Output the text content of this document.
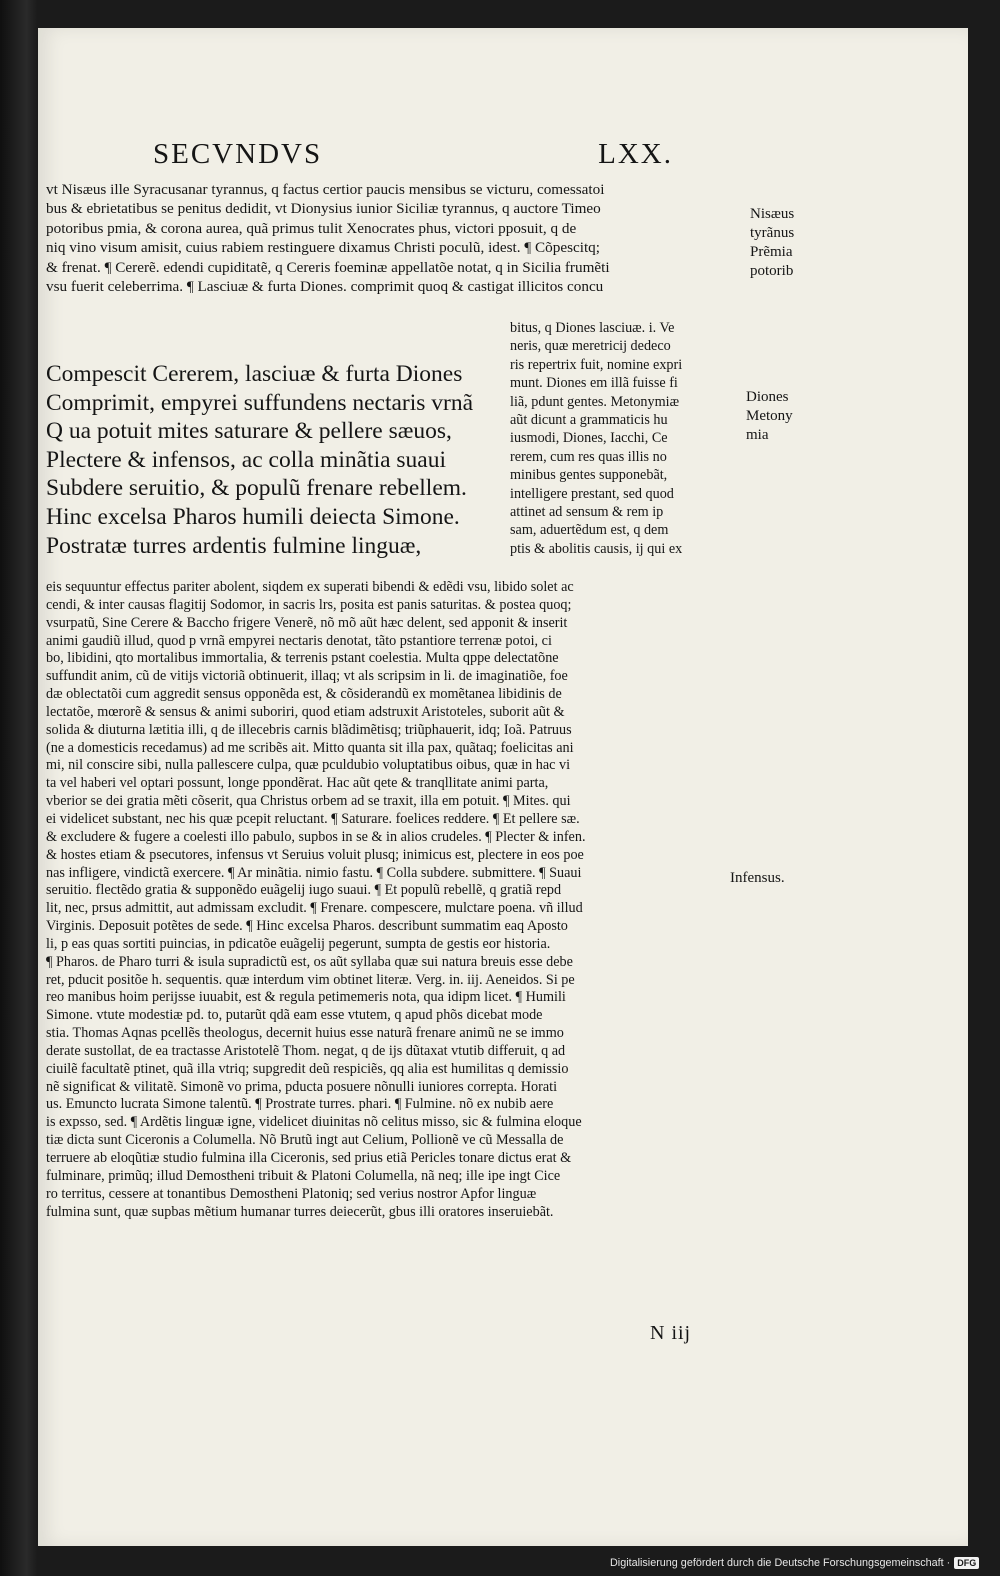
SECVNDVS	LXX.

vt Nisæus ille Syracusanar tyrannus, q factus certior paucis mensibus se victuru, comessatoi

bus & ebrietatibus se penitus dedidit, vt Dionysius iunior Siciliæ tyrannus, q auctore Timeo

potoribus pmia, & corona aurea, quã primus tulit Xenocrates phus, victori pposuit, q de

niq vino visum amisit, cuius rabiem restinguere dixamus Christi poculũ, idest. ¶ Cõpescitq;

& frenat. ¶ Cererẽ. edendi cupiditatẽ, q Cereris foeminæ appellatõe notat, q in Sicilia frumẽti

vsu fuerit celeberrima. ¶ Lasciuæ & furta Diones. comprimit quoq & castigat illicitos concu

Compescit Cererem, lasciuæ & furta Diones

Comprimit, empyrei suffundens nectaris vrnã

Q ua potuit mites saturare & pellere sæuos,

Plectere & infensos, ac colla minãtia suaui

Subdere seruitio, & populũ frenare rebellem.

Hinc excelsa Pharos humili deiecta Simone.

Postratæ turres ardentis fulmine linguæ,

bitus, q Diones lasciuæ. i. Ve

neris, quæ meretricij dedeco

ris repertrix fuit, nomine expri

munt. Diones em illã fuisse fi

liã, pdunt gentes. Metonymiæ

aũt dicunt a grammaticis hu

iusmodi, Diones, Iacchi, Ce

rerem, cum res quas illis no

minibus gentes supponebãt,

intelligere prestant, sed quod

attinet ad sensum & rem ip

sam, aduertẽdum est, q dem

ptis & abolitis causis, ij qui ex

eis sequuntur effectus pariter abolent, siqdem ex superati bibendi & edẽdi vsu, libido solet ac

cendi, & inter causas flagitij Sodomor, in sacris lrs, posita est panis saturitas. & postea quoq;

vsurpatũ, Sine Cerere & Baccho frigere Venerẽ, nõ mõ aũt hæc delent, sed apponit & inserit

animi gaudiũ illud, quod p vrnã empyrei nectaris denotat, tãto pstantiore terrenæ potoi, ci

bo, libidini, qto mortalibus immortalia, & terrenis pstant coelestia. Multa qppe delectatõne

suffundit anim, cũ de vitijs victoriã obtinuerit, illaq; vt als scripsim in li. de imaginatiõe, foe

dæ oblectatõi cum aggredit sensus opponẽda est, & cõsiderandũ ex momẽtanea libidinis de

lectatõe, mœrorẽ & sensus & animi suboriri, quod etiam adstruxit Aristoteles, suborit aũt &

solida & diuturna lætitia illi, q de illecebris carnis blãdimẽtisq; triũphauerit, idq; Ioã. Patruus

(ne a domesticis recedamus) ad me scribẽs ait. Mitto quanta sit illa pax, quãtaq; foelicitas ani

mi, nil conscire sibi, nulla pallescere culpa, quæ pculdubio voluptatibus oibus, quæ in hac vi

ta vel haberi vel optari possunt, longe ppondẽrat. Hac aũt qete & tranqllitate animi parta,

vberior se dei gratia mẽti cõserit, qua Christus orbem ad se traxit, illa em potuit. ¶ Mites. qui

ei videlicet substant, nec his quæ pcepit reluctant. ¶ Saturare. foelices reddere. ¶ Et pellere sæ.

& excludere & fugere a coelesti illo pabulo, supbos in se & in alios crudeles. ¶ Plecter & infen.

& hostes etiam & psecutores, infensus vt Seruius voluit plusq; inimicus est, plectere in eos poe

nas infligere, vindictã exercere. ¶ Ar minãtia. nimio fastu. ¶ Colla subdere. submittere. ¶ Suaui

seruitio. flectẽdo gratia & supponẽdo euãgelij iugo suaui. ¶ Et populũ rebellẽ, q gratiã repd

lit, nec, prsus admittit, aut admissam excludit. ¶ Frenare. compescere, mulctare poena. vñ illud

Virginis. Deposuit potẽtes de sede. ¶ Hinc excelsa Pharos. describunt summatim eaq Aposto

li, p eas quas sortiti puincias, in pdicatõe euãgelij pegerunt, sumpta de gestis eor historia.

¶ Pharos. de Pharo turri & isula supradictũ est, os aũt syllaba quæ sui natura breuis esse debe

ret, pducit positõe h. sequentis. quæ interdum vim obtinet literæ. Verg. in. iij. Aeneidos. Si pe

reo manibus hoim perijsse iuuabit, est & regula petimemeris nota, qua idipm licet. ¶ Humili

Simone. vtute modestiæ pd. to, putarũt qdã eam esse vtutem, q apud phõs dicebat mode

stia. Thomas Aqnas pcellẽs theologus, decernit huius esse naturã frenare animũ ne se immo

derate sustollat, de ea tractasse Aristotelẽ Thom. negat, q de ijs dũtaxat vtutib differuit, q ad

ciuilẽ facultatẽ ptinet, quã illa vtriq; supgredit deũ respiciẽs, qq alia est humilitas q demissio

nẽ significat & vilitatẽ. Simonẽ vo prima, pducta posuere nõnulli iuniores correpta. Horati

us. Emuncto lucrata Simone talentũ. ¶ Prostrate turres. phari. ¶ Fulmine. nõ ex nubib aere

is expsso, sed. ¶ Ardẽtis linguæ igne, videlicet diuinitas nõ celitus misso, sic & fulmina eloque

tiæ dicta sunt Ciceronis a Columella. Nõ Brutũ ingt aut Celium, Pollionẽ ve cũ Messalla de

terruere ab eloqũtiæ studio fulmina illa Ciceronis, sed prius etiã Pericles tonare dictus erat &

fulminare, primũq; illud Demostheni tribuit & Platoni Columella, nã neq; ille ipe ingt Cice

ro territus, cessere at tonantibus Demostheni Platoniq; sed verius nostror Apfor linguæ

fulmina sunt, quæ supbas mẽtium humanar turres deiecerũt, gbus illi oratores inseruiebãt.

Nisæus

tyrãnus

Prẽmia

potorib

Diones

Metony

mia

Infensus.

N iij
Digitalisierung gefördert durch die Deutsche Forschungsgemeinschaft · DFG
